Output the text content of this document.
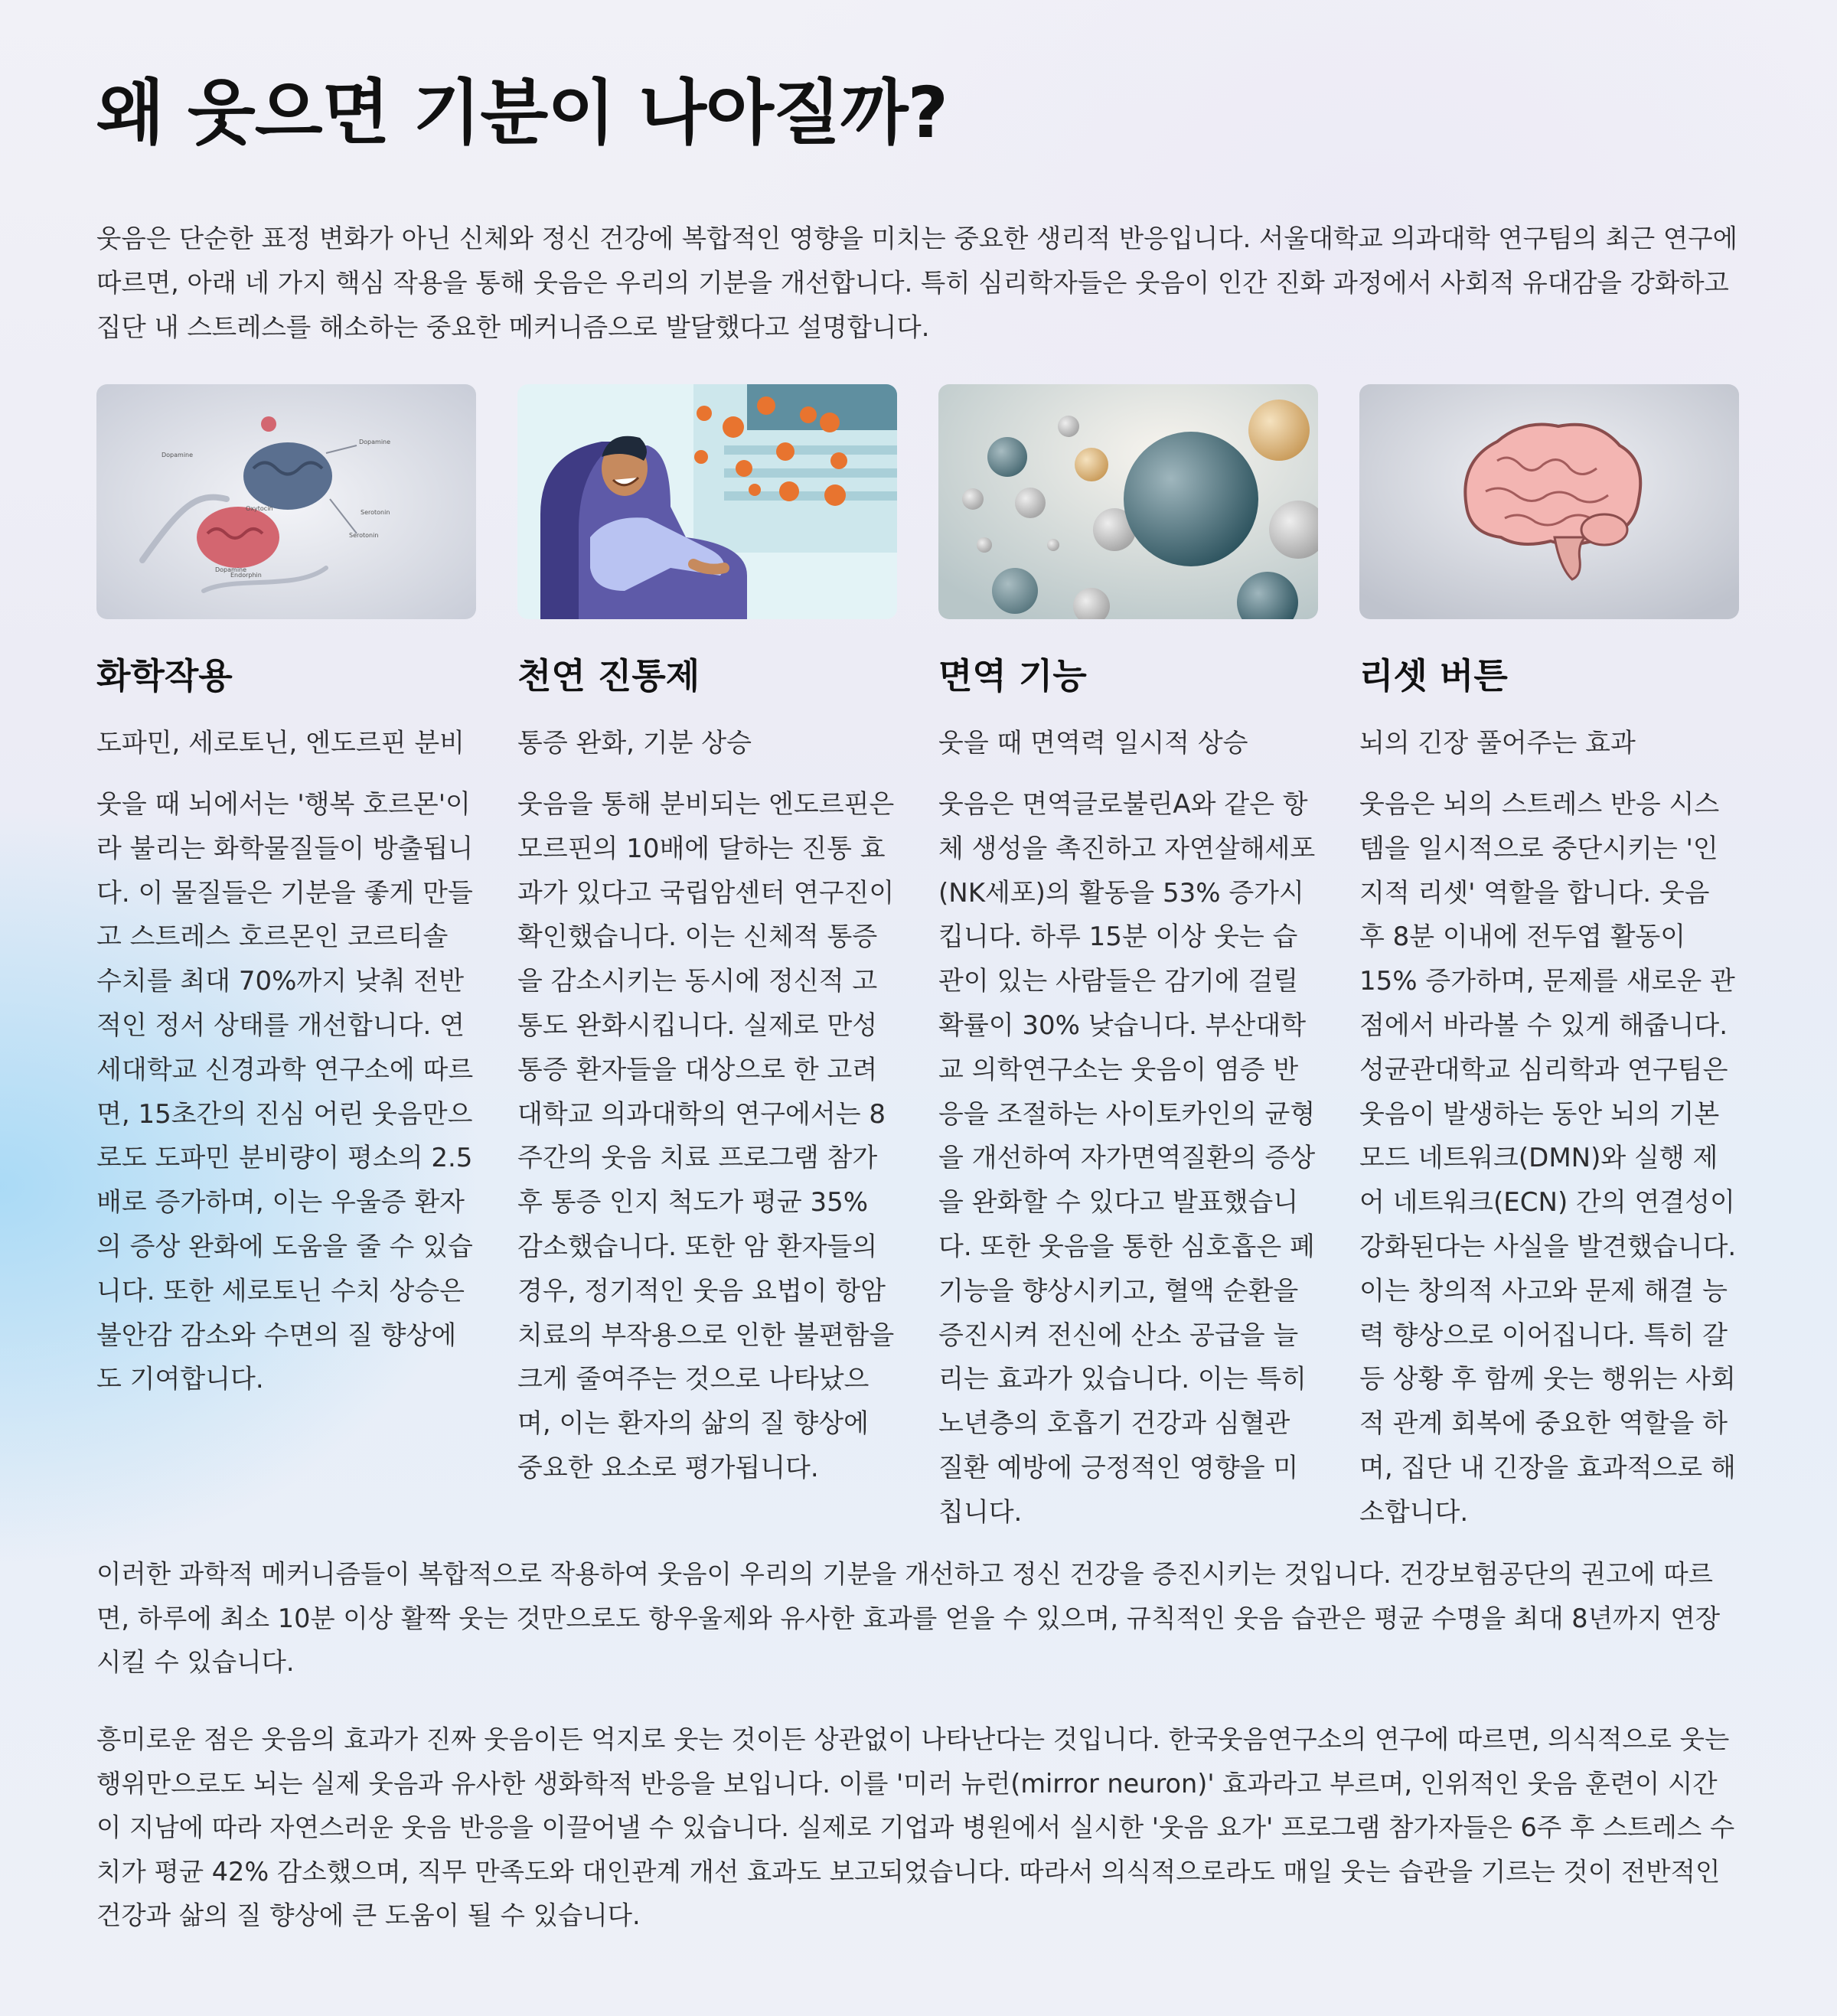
왜 웃으면 기분이 나아질까?

웃음은 단순한 표정 변화가 아닌 신체와 정신 건강에 복합적인 영향을 미치는 중요한 생리적 반응입니다. 서울대학교 의과대학 연구팀의 최근 연구에 따르면, 아래 네 가지 핵심 작용을 통해 웃음은 우리의 기분을 개선합니다. 특히 심리학자들은 웃음이 인간 진화 과정에서 사회적 유대감을 강화하고 집단 내 스트레스를 해소하는 중요한 메커니즘으로 발달했다고 설명합니다.

Dopamine
Oxytocin
Dopamine
Serotonin
Serotonin
Dopamine
Endorphin
화학작용
도파민, 세로토닌, 엔도르핀 분비
웃을 때 뇌에서는 '행복 호르몬'이라 불리는 화학물질들이 방출됩니다. 이 물질들은 기분을 좋게 만들고 스트레스 호르몬인 코르티솔 수치를 최대 70%까지 낮춰 전반적인 정서 상태를 개선합니다. 연세대학교 신경과학 연구소에 따르면, 15초간의 진심 어린 웃음만으로도 도파민 분비량이 평소의 2.5배로 증가하며, 이는 우울증 환자의 증상 완화에 도움을 줄 수 있습니다. 또한 세로토닌 수치 상승은 불안감 감소와 수면의 질 향상에도 기여합니다.
천연 진통제
통증 완화, 기분 상승
웃음을 통해 분비되는 엔도르핀은 모르핀의 10배에 달하는 진통 효과가 있다고 국립암센터 연구진이 확인했습니다. 이는 신체적 통증을 감소시키는 동시에 정신적 고통도 완화시킵니다. 실제로 만성 통증 환자들을 대상으로 한 고려대학교 의과대학의 연구에서는 8주간의 웃음 치료 프로그램 참가 후 통증 인지 척도가 평균 35% 감소했습니다. 또한 암 환자들의 경우, 정기적인 웃음 요법이 항암 치료의 부작용으로 인한 불편함을 크게 줄여주는 것으로 나타났으며, 이는 환자의 삶의 질 향상에 중요한 요소로 평가됩니다.
면역 기능
웃을 때 면역력 일시적 상승
웃음은 면역글로불린A와 같은 항체 생성을 촉진하고 자연살해세포(NK세포)의 활동을 53% 증가시킵니다. 하루 15분 이상 웃는 습관이 있는 사람들은 감기에 걸릴 확률이 30% 낮습니다. 부산대학교 의학연구소는 웃음이 염증 반응을 조절하는 사이토카인의 균형을 개선하여 자가면역질환의 증상을 완화할 수 있다고 발표했습니다. 또한 웃음을 통한 심호흡은 폐 기능을 향상시키고, 혈액 순환을 증진시켜 전신에 산소 공급을 늘리는 효과가 있습니다. 이는 특히 노년층의 호흡기 건강과 심혈관 질환 예방에 긍정적인 영향을 미칩니다.
리셋 버튼
뇌의 긴장 풀어주는 효과
웃음은 뇌의 스트레스 반응 시스템을 일시적으로 중단시키는 '인지적 리셋' 역할을 합니다. 웃음 후 8분 이내에 전두엽 활동이 15% 증가하며, 문제를 새로운 관점에서 바라볼 수 있게 해줍니다. 성균관대학교 심리학과 연구팀은 웃음이 발생하는 동안 뇌의 기본 모드 네트워크(DMN)와 실행 제어 네트워크(ECN) 간의 연결성이 강화된다는 사실을 발견했습니다. 이는 창의적 사고와 문제 해결 능력 향상으로 이어집니다. 특히 갈등 상황 후 함께 웃는 행위는 사회적 관계 회복에 중요한 역할을 하며, 집단 내 긴장을 효과적으로 해소합니다.

이러한 과학적 메커니즘들이 복합적으로 작용하여 웃음이 우리의 기분을 개선하고 정신 건강을 증진시키는 것입니다. 건강보험공단의 권고에 따르면, 하루에 최소 10분 이상 활짝 웃는 것만으로도 항우울제와 유사한 효과를 얻을 수 있으며, 규칙적인 웃음 습관은 평균 수명을 최대 8년까지 연장시킬 수 있습니다.

흥미로운 점은 웃음의 효과가 진짜 웃음이든 억지로 웃는 것이든 상관없이 나타난다는 것입니다. 한국웃음연구소의 연구에 따르면, 의식적으로 웃는 행위만으로도 뇌는 실제 웃음과 유사한 생화학적 반응을 보입니다. 이를 '미러 뉴런(mirror neuron)' 효과라고 부르며, 인위적인 웃음 훈련이 시간이 지남에 따라 자연스러운 웃음 반응을 이끌어낼 수 있습니다. 실제로 기업과 병원에서 실시한 '웃음 요가' 프로그램 참가자들은 6주 후 스트레스 수치가 평균 42% 감소했으며, 직무 만족도와 대인관계 개선 효과도 보고되었습니다. 따라서 의식적으로라도 매일 웃는 습관을 기르는 것이 전반적인 건강과 삶의 질 향상에 큰 도움이 될 수 있습니다.
